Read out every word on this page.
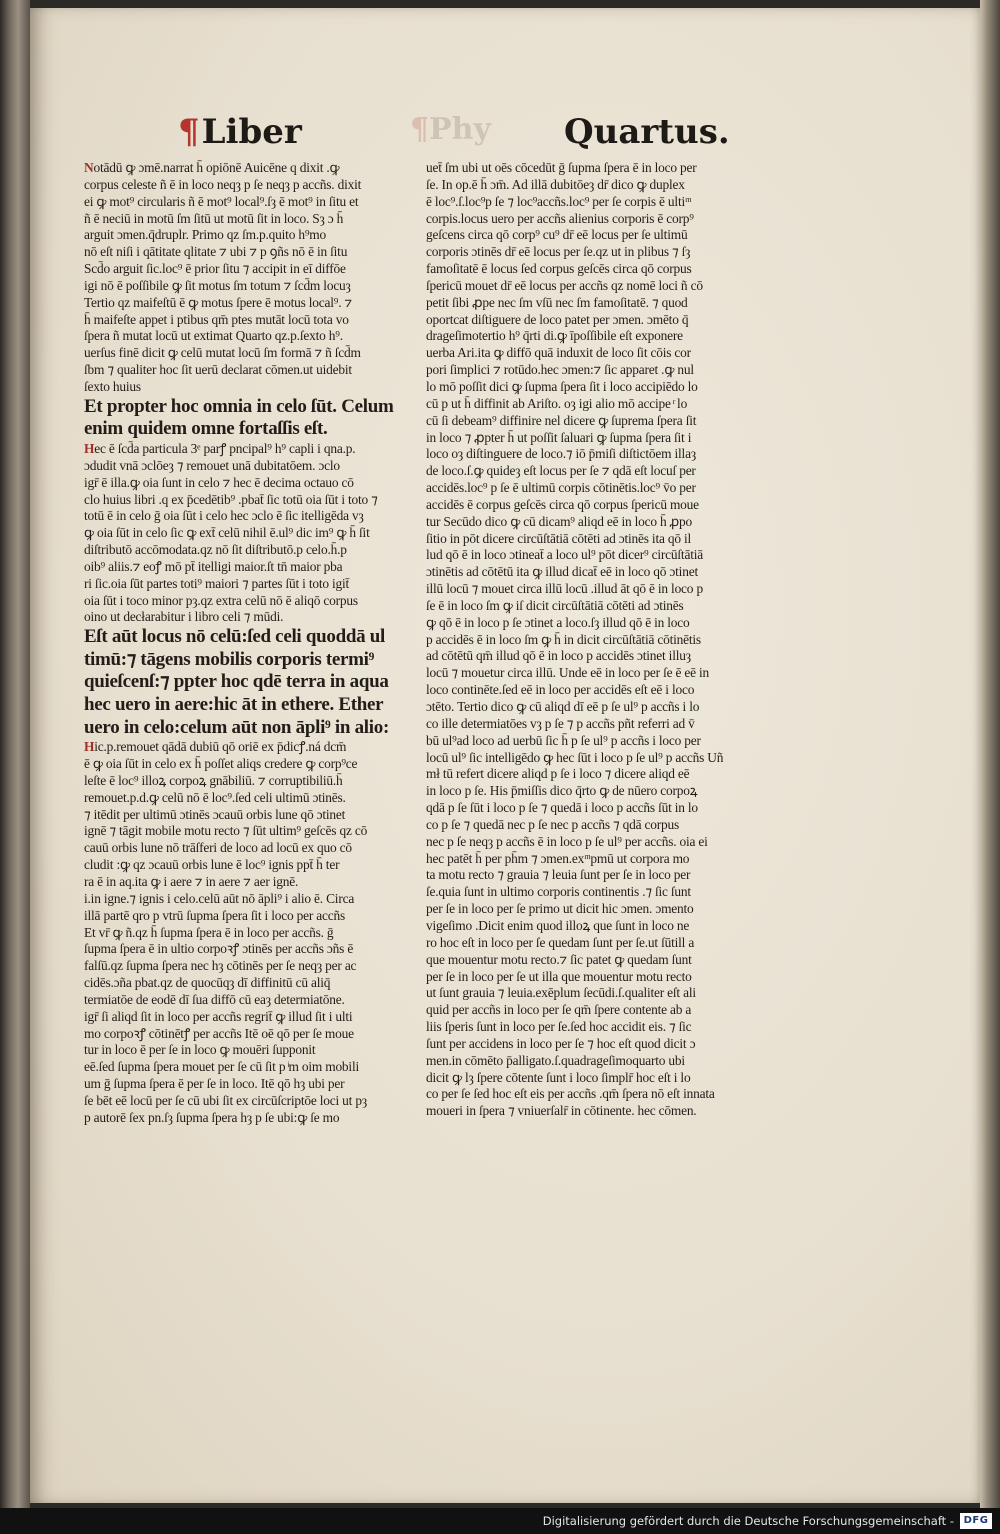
¶Phy
¶Liber	Quartus.
Notādū ꝙ ɔmē.narrat h̄ opiōnē Auicēne q dixit .ꝙ
corpus celeste ñ ē in loco neqȝ p ſe neqȝ p accñs. dixit
ei ꝙ mot⁹ circularis ñ ē mot⁹ local⁹.ſȝ ē mot⁹ in ſitu et
ñ ē neciū in motū ſm ſitū ut motū ſit in loco. Sȝ ɔ h̄
arguit ɔmen.q̄druplr. Primo qz ſm.p.quito h⁹mo
nō eſt niſi i qātitate qlitate ⁊ ubi ⁊ p ꝯñs nō ē in ſitu
Scd̄o arguit ſic.loc⁹ ē prior ſitu ⁊ accipit in eī diffōe
igi nō ē poſſibile ꝙ ſit motus ſm totum ⁊ ſcd̄m locuȝ
Tertio qz maifeſtū ē ꝙ motus ſpere ē motus local⁹. ⁊
h̄ maifeſte appet i ptibus qm̄ ptes mutāt locū tota vo
ſpera ñ mutat locū ut extimat Quarto qz.p.ſexto h⁹.
uerſus finē dicit ꝙ celū mutat locū ſm formā ⁊ ñ ſcd̄m
ſbm ⁊ qualiter hoc ſit uerū declarat cōmen.ut uidebit
ſexto huius
Et propter hoc omnia in celo ſūt. Celum
enim quidem omne fortaſſis eſt.
Hec ē ſcd̄a particula 3ᵉ parꝭ pncipal⁹ h⁹ capli i qna.p.
ɔdudit vnā ɔclōeȝ ⁊ remouet unā dubitatōem. ɔclo
igr̄ ē illa.ꝙ oia ſunt in celo ⁊ hec ē decima octauo cō
clo huius libri .q ex p̄cedētib⁹ .pbat̄ ſic totū oia ſūt i toto ⁊
totū ē in celo ḡ oia ſūt i celo hec ɔclo ē ſic itelligēda vȝ
ꝙ oia ſūt in celo ſic ꝙ ext̄ celū nihil ē.ul⁹ dic im⁹ ꝙ h̄ ſit
diſtributō accōmodata.qz nō ſit diſtributō.p celo.h̄.p
oib⁹ aliis.⁊ eoꝭ mō pt̄ itelligi maior.ſt tn̄ maior pba
ri ſic.oia ſūt partes toti⁹ maiori ⁊ partes ſūt i toto igit̄
oia ſūt i toco minor pȝ.qz extra celū nō ē aliqō corpus
oino ut decłarabitur i libro celi ⁊ mūdi.
Eſt aūt locus nō celū:ſed celi quoddā ul
timū:⁊ tāgens mobilis corporis termi⁹
quieſcenſ:⁊ ppter hoc qdē terra in aqua
hec uero in aere:hic āt in ethere. Ether
uero in celo:celum aūt non āpli⁹ in alio:
Hic.p.remouet qādā dubiū qō oriē ex p̄dicꝭ.ná dcm̄
ē ꝙ oia ſūt in celo ex h̄ poſſet aliqs credere ꝙ corp⁹ce
leſte ē loc⁹ illoꝝ corpoꝝ gnābiliū. ⁊ corruptibiliū.h̄
remouet.p.d.ꝙ celū nō ē loc⁹.ſed celi ultimū ɔtinēs.
⁊ itēdit per ultimū ɔtinēs ɔcauū orbis lune qō ɔtinet
ignē ⁊ tāgit mobile motu recto ⁊ ſūt ultim⁹ geſcēs qz cō
cauū orbis lune nō trāſferi de loco ad locū ex quo cō
cludit :ꝙ qz ɔcauū orbis lune ē loc⁹ ignis ppt̄ h̄ ter
ra ē in aq.ita ꝙ i aere ⁊ in aere ⁊ aer ignē.
i.in igne.⁊ ignis i celo.celū aūt nō āpli⁹ i alio ē. Circa
illā partē qro p vtrū ſupma ſpera ſit i loco per accñs
Et vr̄ ꝙ ñ.qz h̄ ſupma ſpera ē in loco per accñs. ḡ
ſupma ſpera ē in ultio corpoꝛꝭ ɔtinēs per accñs ɔñs ē
falſū.qz ſupma ſpera nec hȝ cōtinēs per ſe neqȝ per ac
cidēs.ɔña pbat.qz de quocūqȝ dī diffinitū cū aliq̄
termiatōe de eodē dī ſua diffō cū eaȝ determiatōne.
igr̄ ſi aliqd ſit in loco per accñs regrit̄ ꝙ illud ſit i ulti
mo corpoꝛꝭ cōtinētꝭ per accñs Itē oē qō per ſe moue
tur in loco ē per ſe in loco ꝙ mouēri ſupponit
eē.ſed ſupma ſpera mouet per ſe cū ſit p ͥm oim mobili
um ḡ ſupma ſpera ē per ſe in loco. Itē qō hȝ ubi per
ſe bēt eē locū per ſe cū ubi ſit ex circūſcriptōe loci ut pȝ
p autorē ſex pn.ſȝ ſupma ſpera hȝ p ſe ubi:ꝙ ſe mo
uet̄ ſm ubi ut oēs cōcedūt ḡ ſupma ſpera ē in loco per
ſe. In op.ē h̄ ɔm̄. Ad illā dubitōeȝ dr̄ dico ꝙ duplex
ē loc⁹.ſ.loc⁹p ſe ⁊ loc⁹accñs.loc⁹ per ſe corpis ē ulti ͫ
corpis.locus uero per accñs alienius corporis ē corp⁹
geſcens circa qō corp⁹ cu⁹ dr̄ eē locus per ſe ultimū
corporis ɔtinēs dr̄ eē locus per ſe.qz ut in plibus ⁊ ſȝ
famoſitatē ē locus ſed corpus geſcēs circa qō corpus
ſpericū mouet dr̄ eē locus per accñs qz nomē loci ñ cō
petit ſibi ꝓpe nec ſm vſū nec ſm famoſitatē. ⁊ quod
oportcat diſtiguere de loco patet per ɔmen. ɔmēto q̄
drageſimotertio h⁹ q̄rti di.ꝙ īpoſſibile eſt exponere
uerba Ari.ita ꝙ diffō quā induxit de loco ſit cōis cor
pori ſimplici ⁊ rotūdo.hec ɔmen:⁊ ſic apparet .ꝙ nul
lo mō poſſit dici ꝙ ſupma ſpera ſit i loco accipiēdo lo
cū p ut h̄ diffinit ab Ariſto. oȝ igi alio mō accipe ͬ lo
cū ſi debeam⁹ diffinire nel dicere ꝙ ſuprema ſpera ſit
in loco ⁊ ꝓpter h̄ ut poſſit ſaluari ꝙ ſupma ſpera ſit i
loco oȝ diſtinguere de loco.⁊ iō p̄miſi diſtictōem illaȝ
de loco.ſ.ꝙ quideȝ eſt locus per ſe ⁊ qdā eſt locuſ per
accidēs.loc⁹ p ſe ē ultimū corpis cōtinētis.loc⁹ v̄o per
accidēs ē corpus geſcēs circa qō corpus ſpericū moue
tur Secūdo dico ꝙ cū dicam⁹ aliqd eē in loco h̄ ꝓpo
ſitio in pōt dicere circūſtātiā cōtēti ad ɔtinēs ita qō il
lud qō ē in loco ɔtineat̄ a loco ul⁹ pōt dicer⁹ circūſtātiā
ɔtinētis ad cōtētū ita ꝙ illud dicat̄ eē in loco qō ɔtinet
illū locū ⁊ mouet circa illū locū .illud āt qō ē in loco p
ſe ē in loco ſm ꝙ iſ dicit circūſtātiā cōtēti ad ɔtinēs
ꝙ qō ē in loco p ſe ɔtinet a loco.ſȝ illud qō ē in loco
p accidēs ē in loco ſm ꝙ h̄ in dicit circūſtātiā cōtinētis
ad cōtētū qm̄ illud qō ē in loco p accidēs ɔtinet illuȝ
locū ⁊ mouetur circa illū. Unde eē in loco per ſe ē eē in
loco continēte.ſed eē in loco per accidēs eſt eē i loco
ɔtēto. Tertio dico ꝙ cū aliqd dī eē p ſe ul⁹ p accñs i lo
co ille determiatōes vȝ p ſe ⁊ p accñs pñt referri ad v̄
bū ul⁹ad loco ad uerbū ſic h̄ p ſe ul⁹ p accñs i loco per
locū ul⁹ ſic intelligēdo ꝙ hec ſūt i loco p ſe ul⁹ p accñs Uñ
mł tū refert dicere aliqd p ſe i loco ⁊ dicere aliqd eē
in loco p ſe. His p̄miſſis dico q̄rto ꝙ de nūero corpoꝝ
qdā p ſe ſūt i loco p ſe ⁊ quedā i loco p accñs ſūt in lo
co p ſe ⁊ quedā nec p ſe nec p accñs ⁊ qdā corpus
nec p ſe neqȝ p accñs ē in loco p ſe ul⁹ per accñs. oia ei
hec patēt h̄ per ph̄m ⁊ ɔmen.ex ͫ pmū ut corpora mo
ta motu recto ⁊ grauia ⁊ leuia ſunt per ſe in loco per
ſe.quia ſunt in ultimo corporis continentis .⁊ ſic ſunt
per ſe in loco per ſe primo ut dicit hic ɔmen. ɔmento
vigeſimo .Dicit enim quod illoꝝ que ſunt in loco ne
ro hoc eſt in loco per ſe quedam ſunt per ſe.ut ſūtill a
que mouentur motu recto.⁊ ſic patet ꝙ quedam ſunt
per ſe in loco per ſe ut illa que mouentur motu recto
ut ſunt grauia ⁊ leuia.exēplum ſecūdi.ſ.qualiter eſt ali
quid per accñs in loco per ſe qm̄ ſpere contente ab a
liis ſperis ſunt in loco per ſe.ſed hoc accidit eis. ⁊ ſic
ſunt per accidens in loco per ſe ⁊ hoc eſt quod dicit ɔ
men.in cōmēto p̄alligato.ſ.quadrageſimoquarto ubi
dicit ꝙ lȝ ſpere cōtente ſunt i loco ſimplr̄ hoc eſt i lo
co per ſe ſed hoc eſt eis per accñs .qm̄ ſpera nō eſt innata
moueri in ſpera ⁊ vniuerſalr̄ in cōtinente. hec cōmen.
Digitalisierung gefördert durch die Deutsche Forschungsgemeinschaft - DFG
